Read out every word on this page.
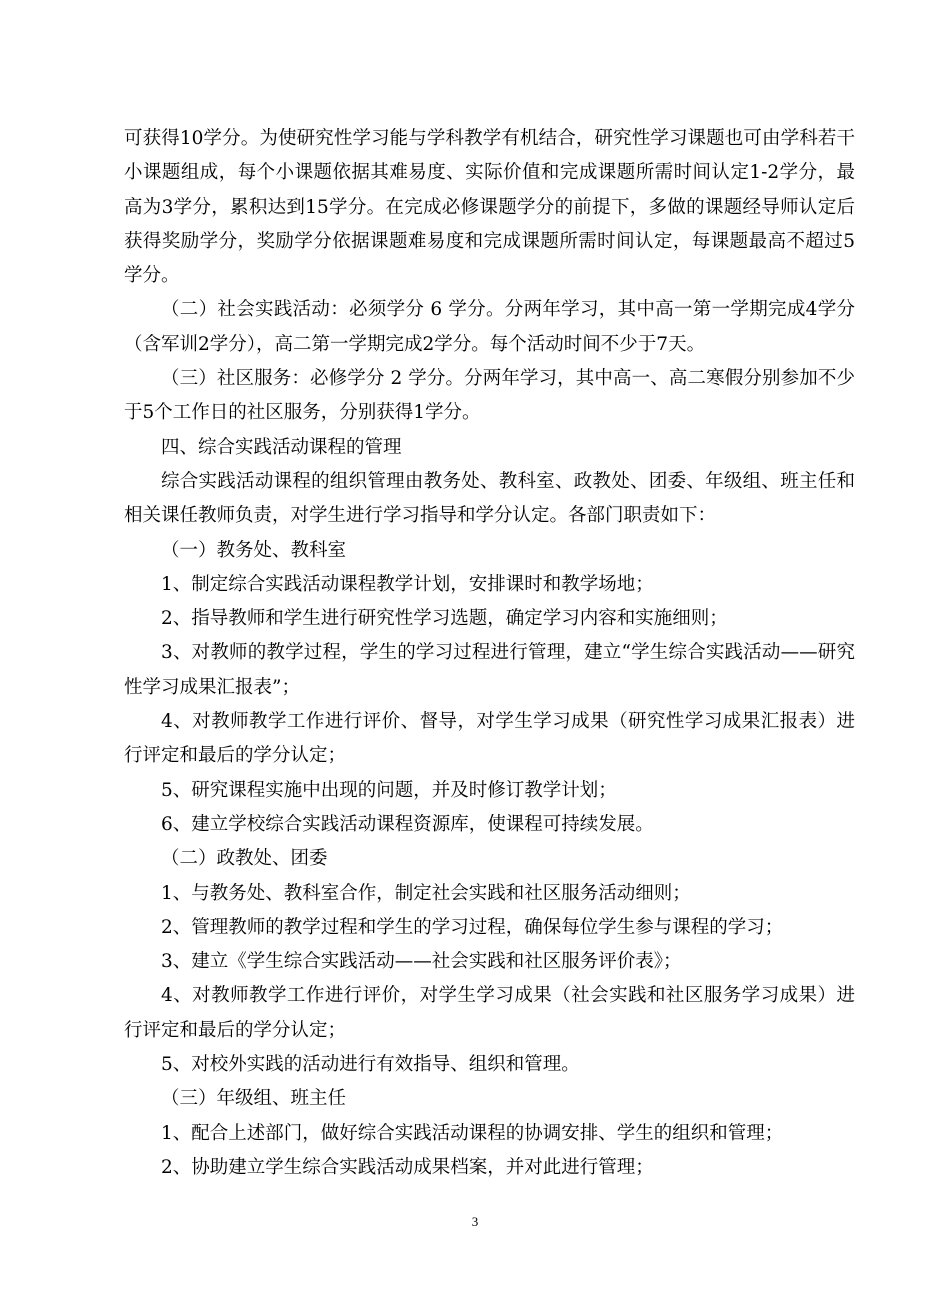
可获得10学分。为使研究性学习能与学科教学有机结合，研究性学习课题也可由学科若干小课题组成，每个小课题依据其难易度、实际价值和完成课题所需时间认定1-2学分，最高为3学分，累积达到15学分。在完成必修课题学分的前提下，多做的课题经导师认定后获得奖励学分，奖励学分依据课题难易度和完成课题所需时间认定，每课题最高不超过5学分。

（二）社会实践活动：必须学分 6 学分。分两年学习，其中高一第一学期完成4学分（含军训2学分），高二第一学期完成2学分。每个活动时间不少于7天。

（三）社区服务：必修学分 2 学分。分两年学习，其中高一、高二寒假分别参加不少于5个工作日的社区服务，分别获得1学分。

四、综合实践活动课程的管理

综合实践活动课程的组织管理由教务处、教科室、政教处、团委、年级组、班主任和相关课任教师负责，对学生进行学习指导和学分认定。各部门职责如下：

（一）教务处、教科室

1、制定综合实践活动课程教学计划，安排课时和教学场地；

2、指导教师和学生进行研究性学习选题，确定学习内容和实施细则；

3、对教师的教学过程，学生的学习过程进行管理，建立“学生综合实践活动——研究性学习成果汇报表”；

4、对教师教学工作进行评价、督导，对学生学习成果（研究性学习成果汇报表）进行评定和最后的学分认定；

5、研究课程实施中出现的问题，并及时修订教学计划；

6、建立学校综合实践活动课程资源库，使课程可持续发展。

（二）政教处、团委

1、与教务处、教科室合作，制定社会实践和社区服务活动细则；

2、管理教师的教学过程和学生的学习过程，确保每位学生参与课程的学习；

3、建立《学生综合实践活动——社会实践和社区服务评价表》；

4、对教师教学工作进行评价，对学生学习成果（社会实践和社区服务学习成果）进行评定和最后的学分认定；

5、对校外实践的活动进行有效指导、组织和管理。

（三）年级组、班主任

1、配合上述部门，做好综合实践活动课程的协调安排、学生的组织和管理；

2、协助建立学生综合实践活动成果档案，并对此进行管理；

3
